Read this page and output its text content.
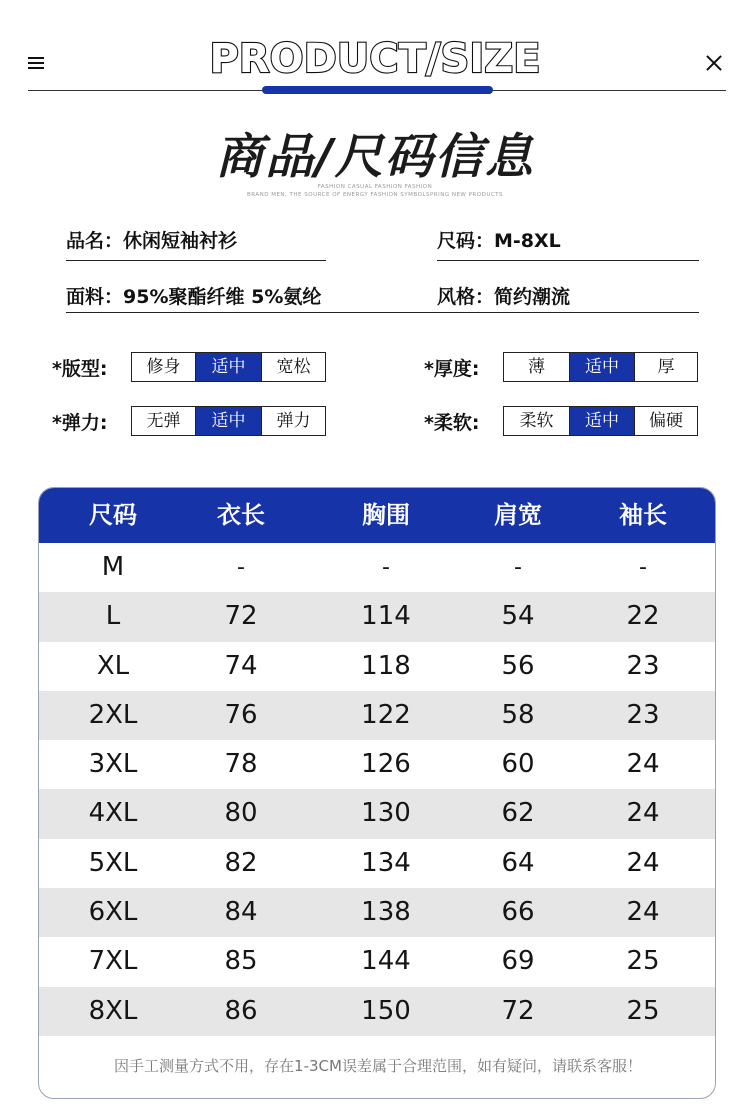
PRODUCT/SIZE
商品/尺码信息
FASHION CASUAL FASHION FASHION
BRAND MEN, THE SOURCE OF ENERGY FASHION SYMBOLSPRING NEW PRODUCTS
品名：休闲短袖衬衫	尺码：M-8XL
面料：95%聚酯纤维 5%氨纶	风格：简约潮流
*版型:	修身	适中	宽松	*厚度:	薄	适中	厚
*弹力:	无弹	适中	弹力	*柔软:	柔软	适中	偏硬
尺码	衣长	胸围	肩宽	袖长
M	-	-	-	-
L	72	114	54	22
XL	74	118	56	23
2XL	76	122	58	23
3XL	78	126	60	24
4XL	80	130	62	24
5XL	82	134	64	24
6XL	84	138	66	24
7XL	85	144	69	25
8XL	86	150	72	25
因手工测量方式不用，存在1-3CM误差属于合理范围，如有疑问，请联系客服！
